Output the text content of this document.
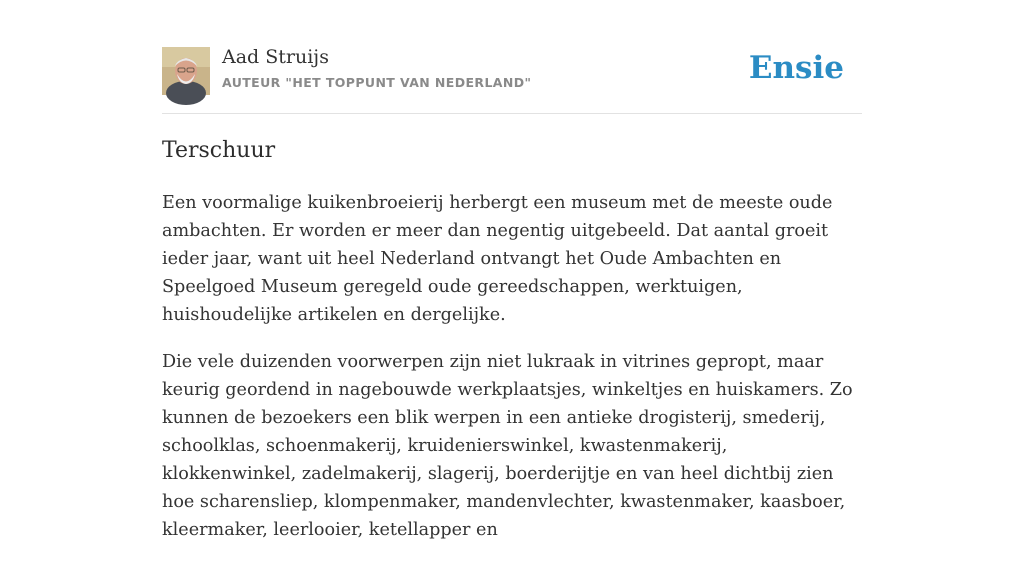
Aad Struijs
AUTEUR "HET TOPPUNT VAN NEDERLAND"	Ensie
Terschuur

Een voormalige kuikenbroeierij herbergt een museum met de meeste oude ambachten. Er worden er meer dan negentig uitgebeeld. Dat aantal groeit ieder jaar, want uit heel Nederland ontvangt het Oude Ambachten en Speelgoed Museum geregeld oude gereedschappen, werktuigen, huishoudelijke artikelen en dergelijke.

Die vele duizenden voorwerpen zijn niet lukraak in vitrines gepropt, maar keurig geordend in nagebouwde werkplaatsjes, winkeltjes en huiskamers. Zo kunnen de bezoekers een blik werpen in een antieke drogisterij, smederij, schoolklas, schoenmakerij, kruidenierswinkel, kwastenmakerij, klokkenwinkel, zadelmakerij, slagerij, boerderijtje en van heel dichtbij zien hoe scharensliep, klompenmaker, mandenvlechter, kwastenmaker, kaasboer, kleermaker, leerlooier, ketellapper en
